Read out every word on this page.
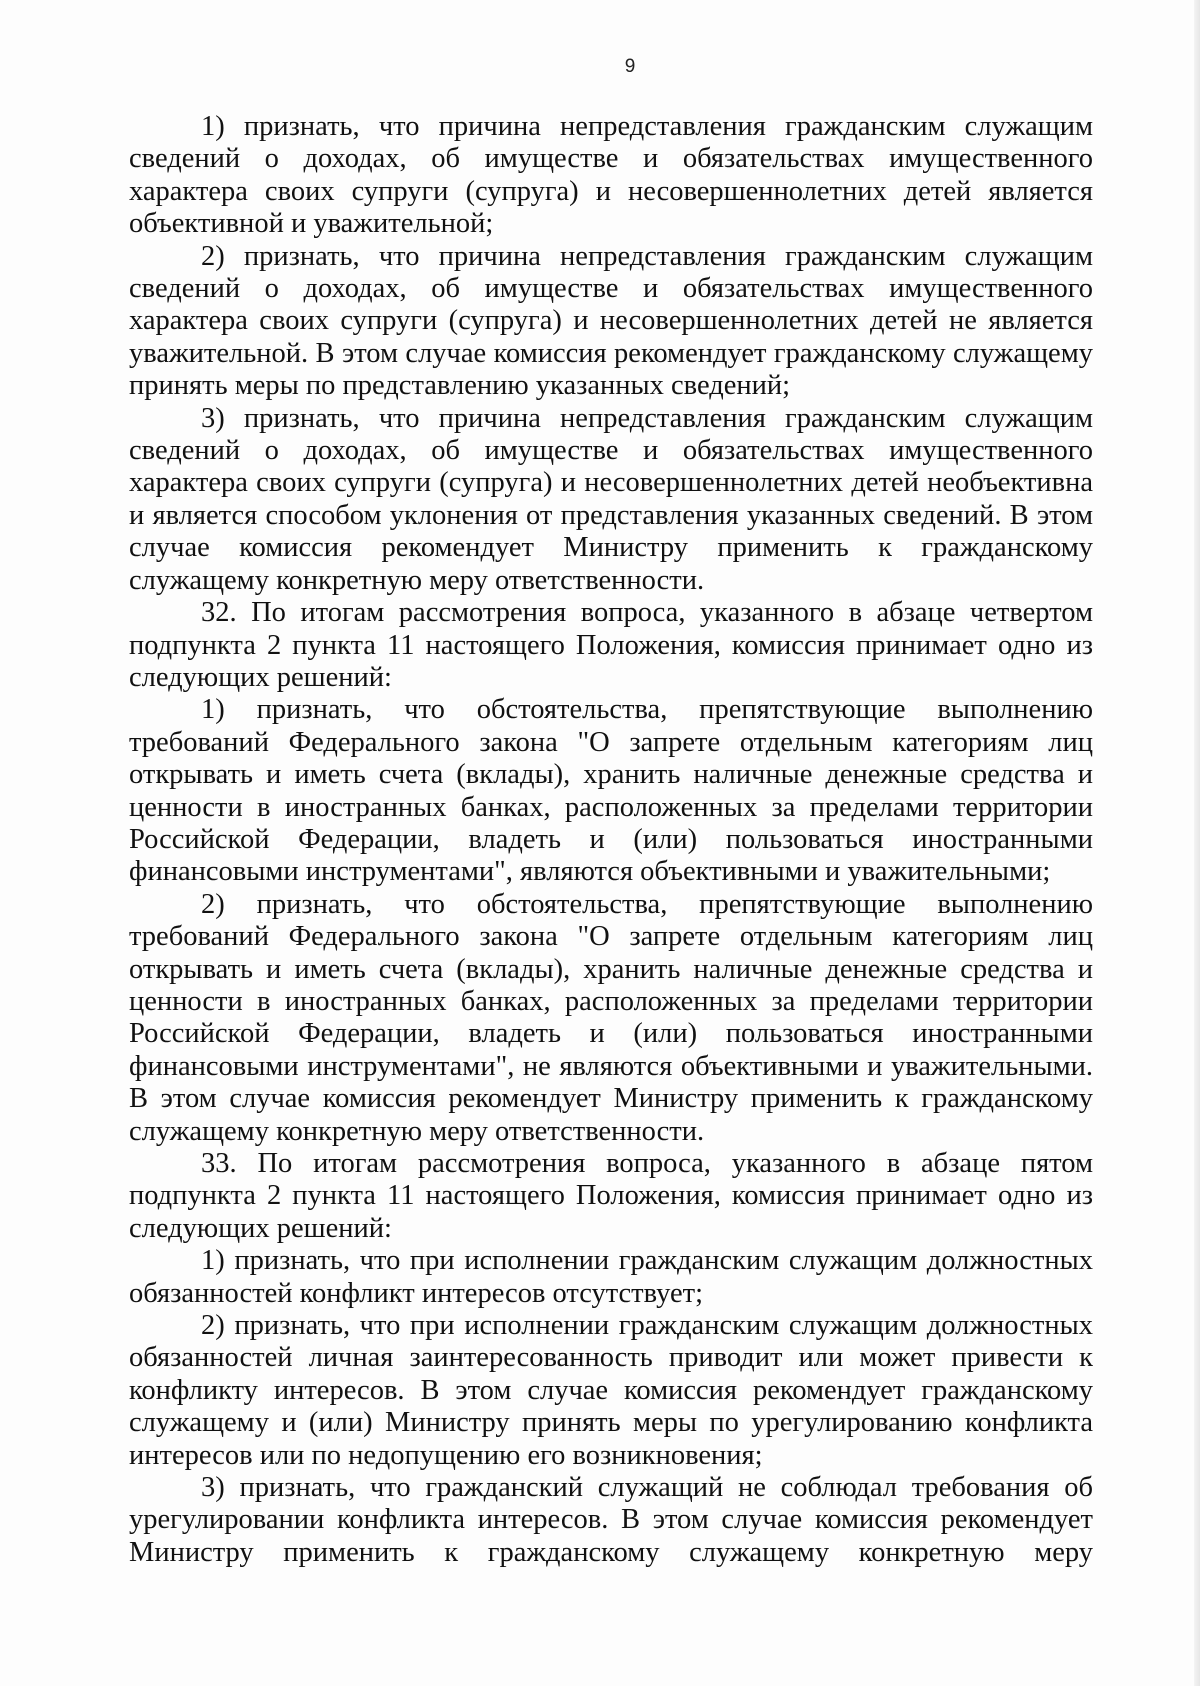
9

1) признать, что причина непредставления гражданским служащим сведений о доходах, об имуществе и обязательствах имущественного характера своих супруги (супруга) и несовершеннолетних детей является объективной и уважительной;

2) признать, что причина непредставления гражданским служащим сведений о доходах, об имуществе и обязательствах имущественного характера своих супруги (супруга) и несовершеннолетних детей не является уважительной. В этом случае комиссия рекомендует гражданскому служащему принять меры по представлению указанных сведений;

3) признать, что причина непредставления гражданским служащим сведений о доходах, об имуществе и обязательствах имущественного характера своих супруги (супруга) и несовершеннолетних детей необъективна и является способом уклонения от представления указанных сведений. В этом случае комиссия рекомендует Министру применить к гражданскому служащему конкретную меру ответственности.

32. По итогам рассмотрения вопроса, указанного в абзаце четвертом подпункта 2 пункта 11 настоящего Положения, комиссия принимает одно из следующих решений:

1) признать, что обстоятельства, препятствующие выполнению требований Федерального закона "О запрете отдельным категориям лиц открывать и иметь счета (вклады), хранить наличные денежные средства и ценности в иностранных банках, расположенных за пределами территории Российской Федерации, владеть и (или) пользоваться иностранными финансовыми инструментами", являются объективными и уважительными;

2) признать, что обстоятельства, препятствующие выполнению требований Федерального закона "О запрете отдельным категориям лиц открывать и иметь счета (вклады), хранить наличные денежные средства и ценности в иностранных банках, расположенных за пределами территории Российской Федерации, владеть и (или) пользоваться иностранными финансовыми инструментами", не являются объективными и уважительными. В этом случае комиссия рекомендует Министру применить к гражданскому служащему конкретную меру ответственности.

33. По итогам рассмотрения вопроса, указанного в абзаце пятом подпункта 2 пункта 11 настоящего Положения, комиссия принимает одно из следующих решений:

1) признать, что при исполнении гражданским служащим должностных обязанностей конфликт интересов отсутствует;

2) признать, что при исполнении гражданским служащим должностных обязанностей личная заинтересованность приводит или может привести к конфликту интересов. В этом случае комиссия рекомендует гражданскому служащему и (или) Министру принять меры по урегулированию конфликта интересов или по недопущению его возникновения;

3) признать, что гражданский служащий не соблюдал требования об урегулировании конфликта интересов. В этом случае комиссия рекомендует Министру применить к гражданскому служащему конкретную меру
